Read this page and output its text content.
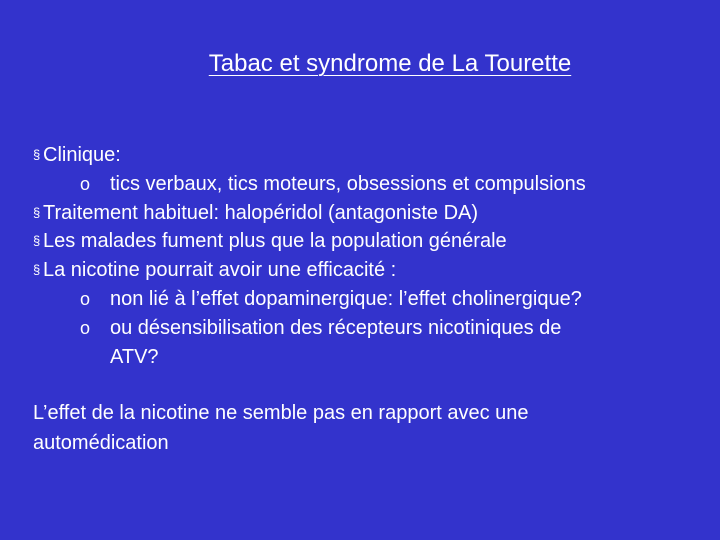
Tabac et syndrome de La Tourette
§ Clinique:
o tics verbaux, tics moteurs, obsessions et compulsions
§ Traitement habituel: halopéridol (antagoniste DA)
§ Les malades fument plus que la population générale
§ La nicotine pourrait avoir une efficacité :
o non lié à l’effet dopaminergique: l’effet cholinergique?
o ou désensibilisation des récepteurs nicotiniques de
ATV?
L’effet de la nicotine ne semble pas en rapport avec une
automédication
